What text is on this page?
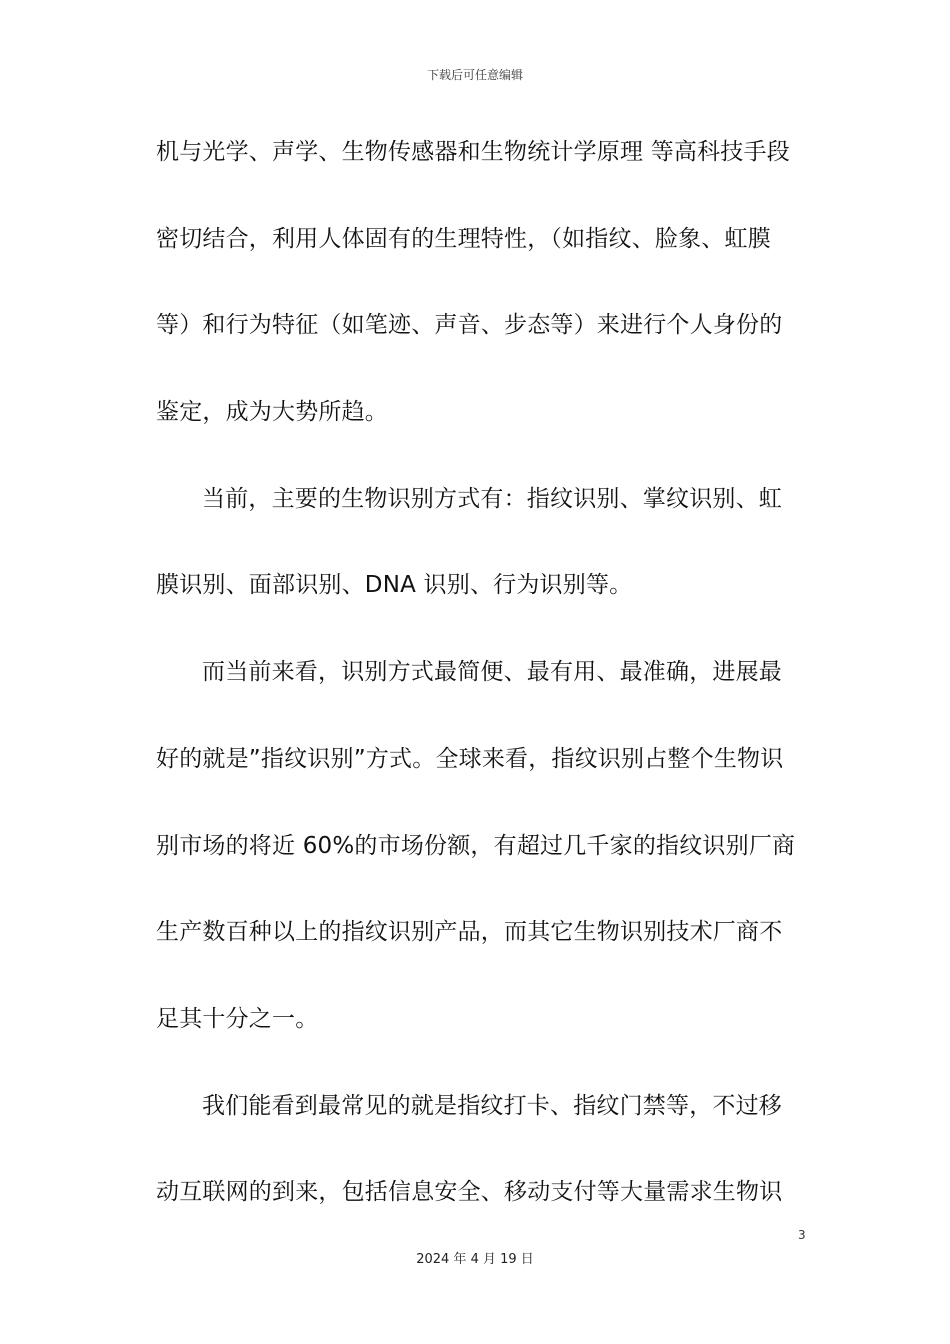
下载后可任意编辑
机与光学、声学、生物传感器和生物统计学原理 等高科技手段
密切结合，利用人体固有的生理特性，（如指纹、脸象、虹膜
等）和行为特征（如笔迹、声音、步态等）来进行个人身份的
鉴定，成为大势所趋。
当前，主要的生物识别方式有：指纹识别、掌纹识别、虹
膜识别、面部识别、DNA 识别、行为识别等。
而当前来看，识别方式最简便、最有用、最准确，进展最
好的就是”指纹识别”方式。全球来看，指纹识别占整个生物识
别市场的将近 60%的市场份额，有超过几千家的指纹识别厂商
生产数百种以上的指纹识别产品，而其它生物识别技术厂商不
足其十分之一。
我们能看到最常见的就是指纹打卡、指纹门禁等，不过移
动互联网的到来，包括信息安全、移动支付等大量需求生物识
3
2024 年 4 月 19 日
